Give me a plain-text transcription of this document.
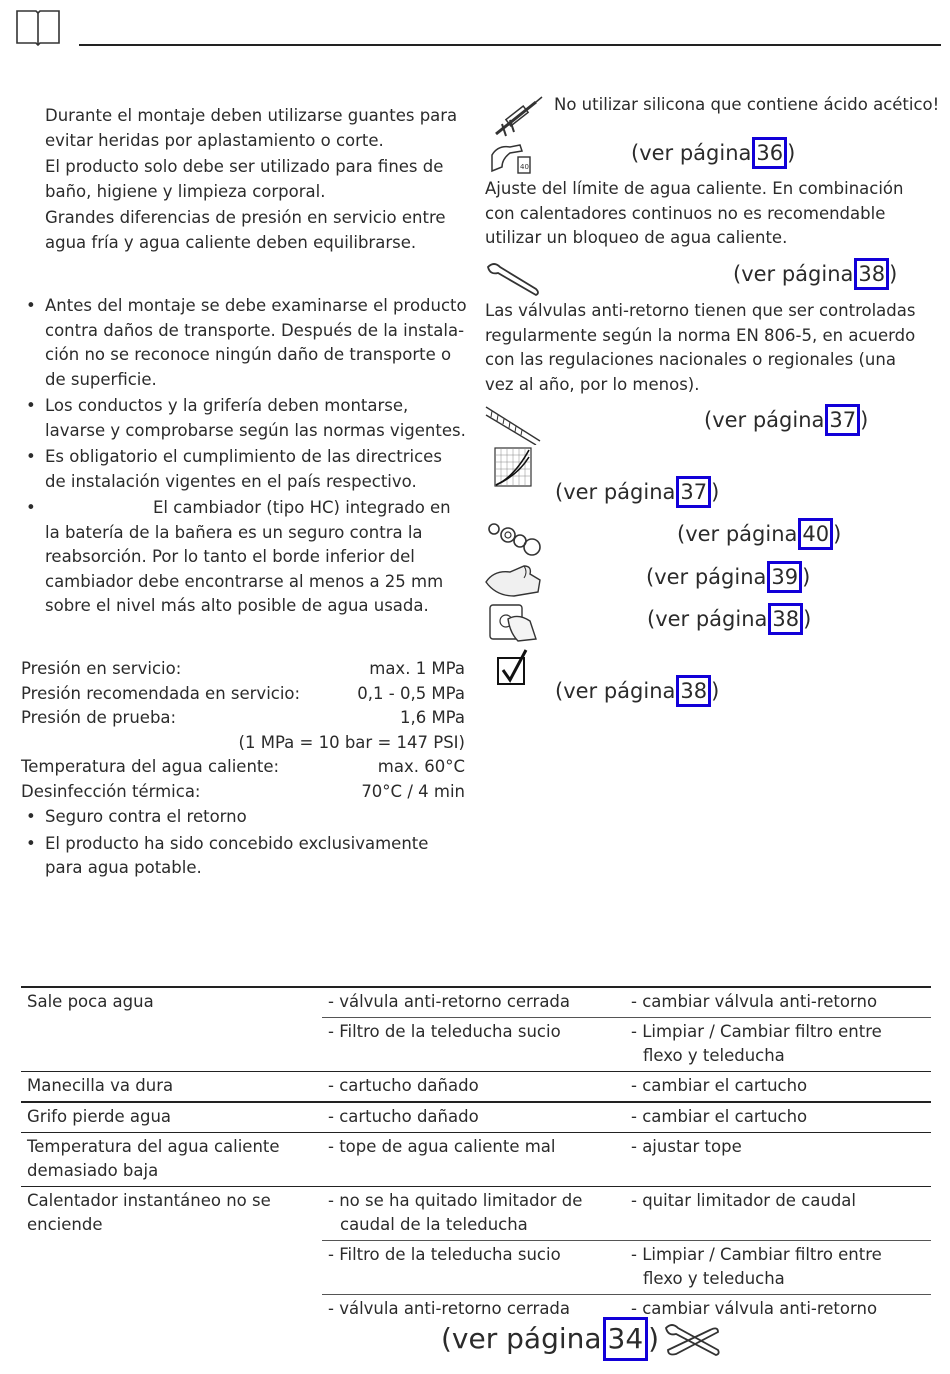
Durante el montaje deben utilizarse guantes para evitar heridas por aplastamiento o corte.
El producto solo debe ser utilizado para fines de baño, higiene y limpieza corporal.
Grandes diferencias de presión en servicio entre agua fría y agua caliente deben equilibrarse.
• Antes del montaje se debe examinarse el producto contra daños de transporte. Después de la instala-ción no se reconoce ningún daño de transporte o de superficie.
• Los conductos y la grifería deben montarse, lavarse y comprobarse según las normas vigentes.
• Es obligatorio el cumplimiento de las directrices de instalación vigentes en el país respectivo.
• El cambiador (tipo HC) integrado en la batería de la bañera es un seguro contra la reabsorción. Por lo tanto el borde inferior del cambiador debe encontrarse al menos a 25 mm sobre el nivel más alto posible de agua usada.
Presión en servicio:	max. 1 MPa
Presión recomendada en servicio:	0,1 - 0,5 MPa
Presión de prueba:	1,6 MPa
(1 MPa = 10 bar = 147 PSI)
Temperatura del agua caliente:	max. 60°C
Desinfección térmica:	70°C / 4 min
• Seguro contra el retorno
• El producto ha sido concebido exclusivamente para agua potable.
No utilizar silicona que contiene ácido acético!
40
(ver página 36 )
Ajuste del límite de agua caliente. En combinación con calentadores continuos no es recomendable utilizar un bloqueo de agua caliente.
(ver página 38 )
Las válvulas anti-retorno tienen que ser controladas regularmente según la norma EN 806-5, en acuerdo con las regulaciones nacionales o regionales (una vez al año, por lo menos).
(ver página 37 )
(ver página 37 )
(ver página 40 )
(ver página 39 )
(ver página 38 )
(ver página 38 )
Sale poca agua	- válvula anti-retorno cerrada	- cambiar válvula anti-retorno

	- Filtro de la teleducha sucio	- Limpiar / Cambiar filtro entre flexo y teleducha

Manecilla va dura	- cartucho dañado	- cambiar el cartucho

Grifo pierde agua	- cartucho dañado	- cambiar el cartucho

Temperatura del agua caliente demasiado baja	- tope de agua caliente mal	- ajustar tope

Calentador instantáneo no se enciende	- no se ha quitado limitador de caudal de la teleducha	- quitar limitador de caudal

	- Filtro de la teleducha sucio	- Limpiar / Cambiar filtro entre flexo y teleducha

	- válvula anti-retorno cerrada	- cambiar válvula anti-retorno
(ver página 34 )
